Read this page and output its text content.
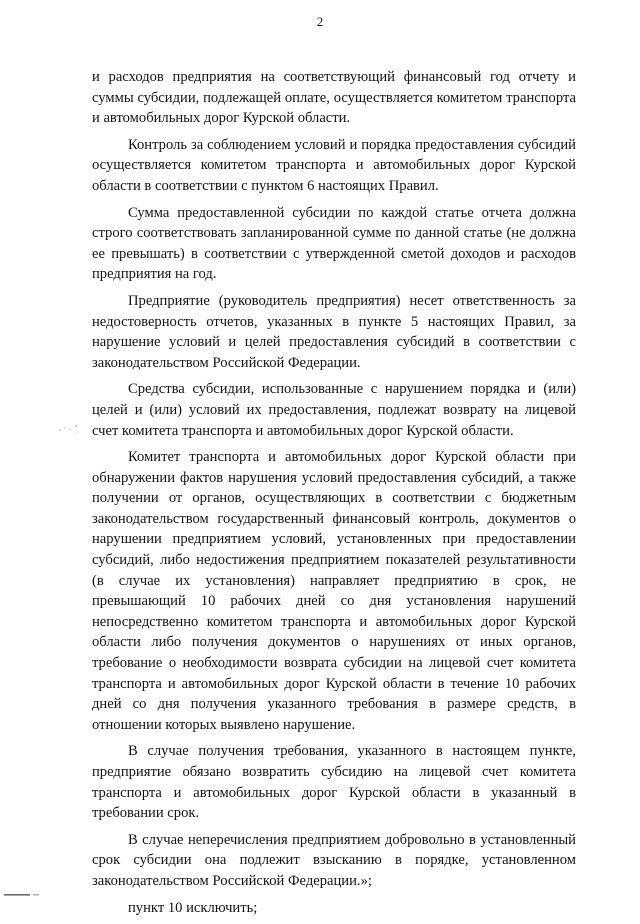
2

и расходов предприятия на соответствующий финансовый год отчету и суммы субсидии, подлежащей оплате, осуществляется комитетом транспорта и автомобильных дорог Курской области.

Контроль за соблюдением условий и порядка предоставления субсидий осуществляется комитетом транспорта и автомобильных дорог Курской области в соответствии с пунктом 6 настоящих Правил.

Сумма предоставленной субсидии по каждой статье отчета должна строго соответствовать запланированной сумме по данной статье (не должна ее превышать) в соответствии с утвержденной сметой доходов и расходов предприятия на год.

Предприятие (руководитель предприятия) несет ответственность за недостоверность отчетов, указанных в пункте 5 настоящих Правил, за нарушение условий и целей предоставления субсидий в соответствии с законодательством Российской Федерации.

Средства субсидии, использованные с нарушением порядка и (или) целей и (или) условий их предоставления, подлежат возврату на лицевой счет комитета транспорта и автомобильных дорог Курской области.

Комитет транспорта и автомобильных дорог Курской области при обнаружении фактов нарушения условий предоставления субсидий, а также получении от органов, осуществляющих в соответствии с бюджетным законодательством государственный финансовый контроль, документов о нарушении предприятием условий, установленных при предоставлении субсидий, либо недостижения предприятием показателей результативности (в случае их установления) направляет предприятию в срок, не превышающий 10 рабочих дней со дня установления нарушений непосредственно комитетом транспорта и автомобильных дорог Курской области либо получения документов о нарушениях от иных органов, требование о необходимости возврата субсидии на лицевой счет комитета транспорта и автомобильных дорог Курской области в течение 10 рабочих дней со дня получения указанного требования в размере средств, в отношении которых выявлено нарушение.

В случае получения требования, указанного в настоящем пункте, предприятие обязано возвратить субсидию на лицевой счет комитета транспорта и автомобильных дорог Курской области в указанный в требовании срок.

В случае неперечисления предприятием добровольно в установленный срок субсидии она подлежит взысканию в порядке, установленном законодательством Российской Федерации.»;

пункт 10 исключить;
